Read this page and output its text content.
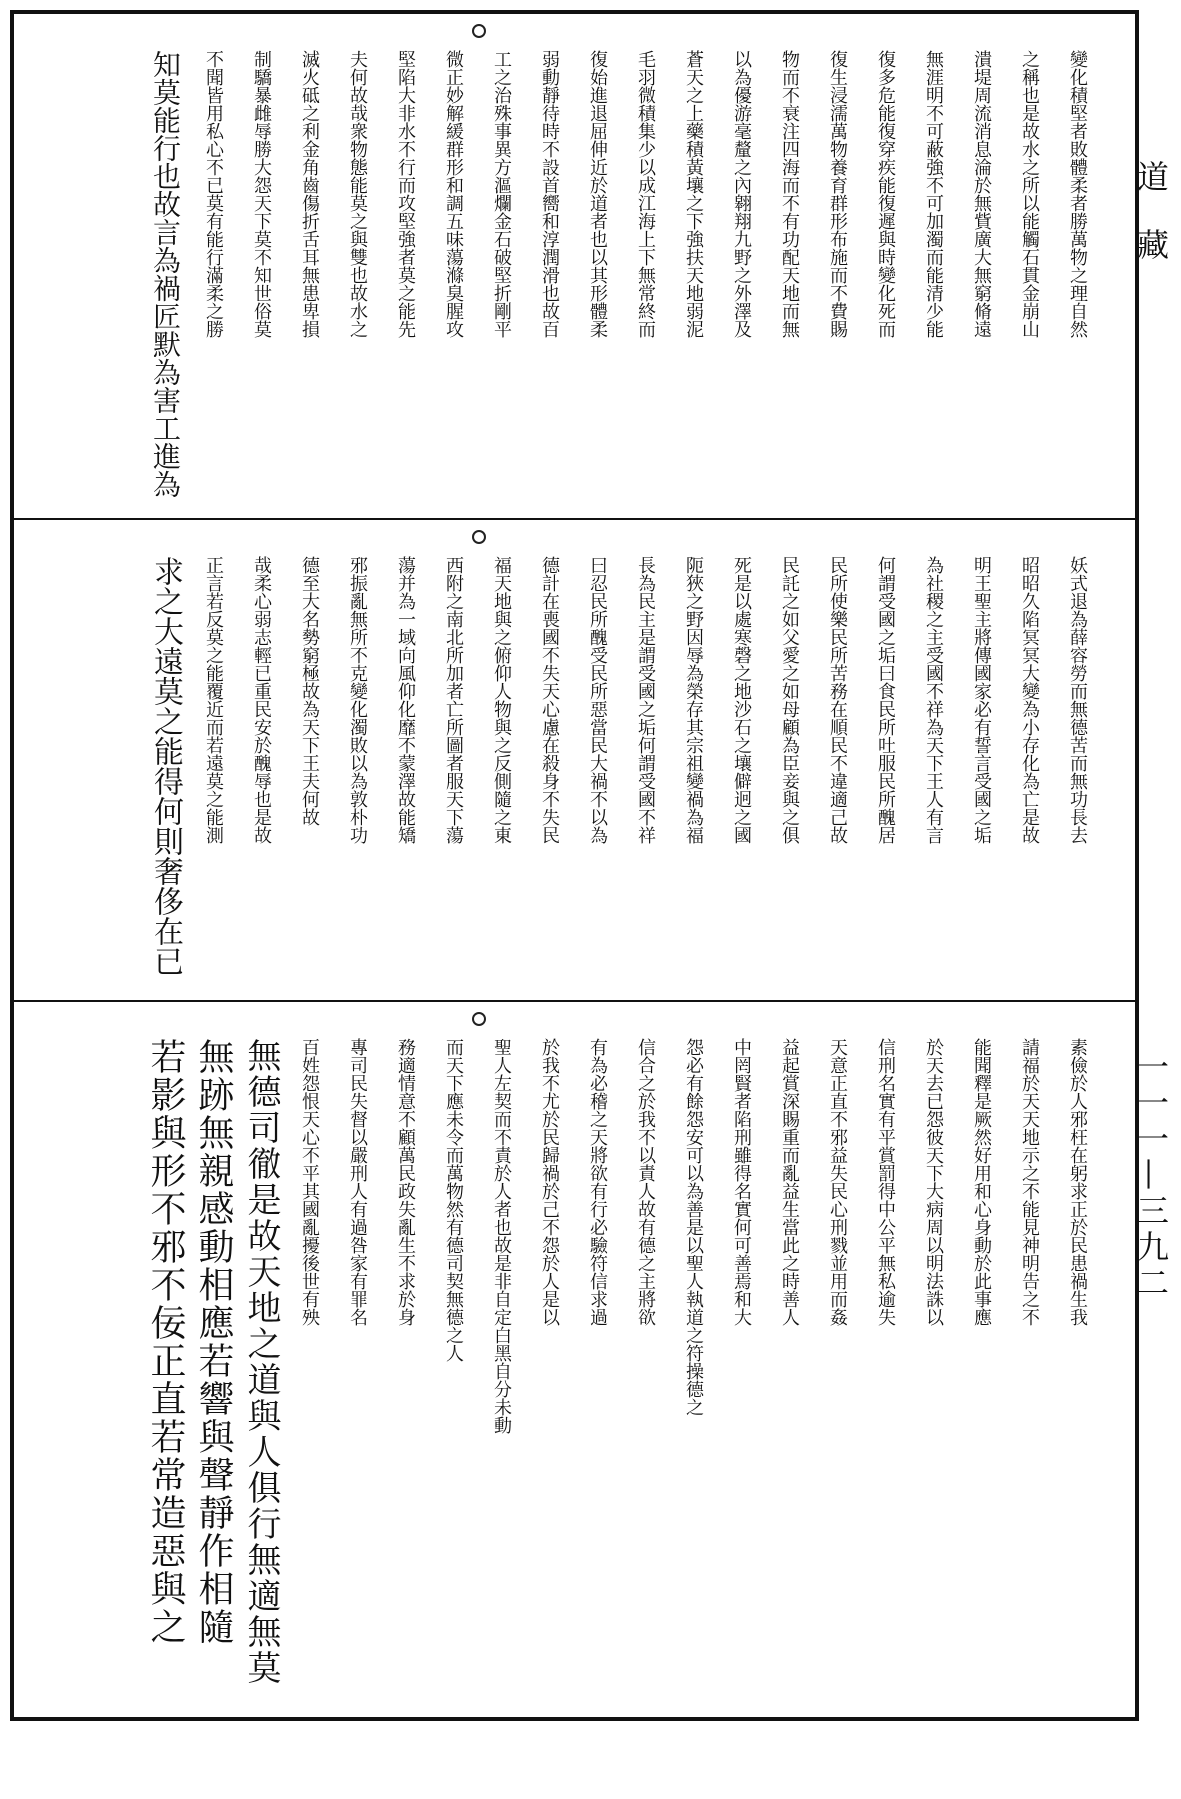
變化積堅者敗體柔者勝萬物之理自然
之稱也是故水之所以能觸石貫金崩山
潰堤周流消息淪於無貲廣大無窮脩遠
無涯明不可蔽強不可加濁而能清少能
復多危能復穿疾能復遲與時變化死而
復生浸濡萬物養育群形布施而不費賜
物而不衰注四海而不有功配天地而無
以為優游毫釐之內翱翔九野之外澤及
蒼天之上藥積黃壤之下強扶天地弱泥
毛羽微積集少以成江海上下無常終而
復始進退屈伸近於道者也以其形體柔
弱動靜待時不設首嚮和淳潤滑也故百
工之治殊事異方漚爛金石破堅折剛平
微正妙解緩群形和調五味蕩滌臭腥攻
堅陷大非水不行而攻堅強者莫之能先
夫何故哉衆物態能莫之與雙也故水之
滅火砥之利金角齒傷折舌耳無患卑損
制驕暴雌辱勝大怨天下莫不知世俗莫
不聞皆用私心不已莫有能行滿柔之勝
知莫能行也故言為禍匠默為害工進為
妖式退為薛容勞而無德苦而無功長去
昭昭久陷冥冥大變為小存化為亡是故
明王聖主將傳國家必有誓言受國之垢
為社稷之主受國不祥為天下王人有言
何謂受國之垢曰食民所吐服民所醜居
民所使樂民所苦務在順民不違適己故
民託之如父愛之如母顧為臣妾與之俱
死是以處寒磬之地沙石之壤僻迥之國
阨狹之野因辱為榮存其宗祖變禍為福
長為民主是謂受國之垢何謂受國不祥
曰忍民所醜受民所惡當民大禍不以為
德計在喪國不失天心慮在殺身不失民
福天地與之俯仰人物與之反側隨之東
西附之南北所加者亡所圖者服天下蕩
蕩并為一域向風仰化靡不蒙澤故能矯
邪振亂無所不克變化濁敗以為敦朴功
德至大名勢窮極故為天下王夫何故
哉柔心弱志輕已重民安於醜辱也是故
正言若反莫之能覆近而若遠莫之能測
求之大遠莫之能得何則奢侈在已
素儉於人邪枉在躬求正於民患禍生我
請福於天天地示之不能見神明告之不
能聞釋是厥然好用和心身動於此事應
於天去已怨彼天下大病周以明法誅以
信刑名實有平賞罰得中公平無私逾失
天意正直不邪益失民心刑戮並用而姦
益起賞深賜重而亂益生當此之時善人
中罔賢者陷刑雖得名實何可善焉和大
怨必有餘怨安可以為善是以聖人執道之符操德之
信合之於我不以責人故有德之主將欲
有為必稽之天將欲有行必驗符信求過
於我不尤於民歸禍於己不怨於人是以
聖人左契而不責於人者也故是非自定白黑自分未動
而天下應未令而萬物然有德司契無德之人
務適情意不顧萬民政失亂生不求於身
專司民失督以嚴刑人有過咎家有罪名
百姓怨恨天心不平其國亂擾後世有殃
無德司徹是故天地之道與人俱行無適無莫
無跡無親感動相應若響與聲靜作相隨
若影與形不邪不佞正直若常造惡與之
道藏
一一一—三九二
